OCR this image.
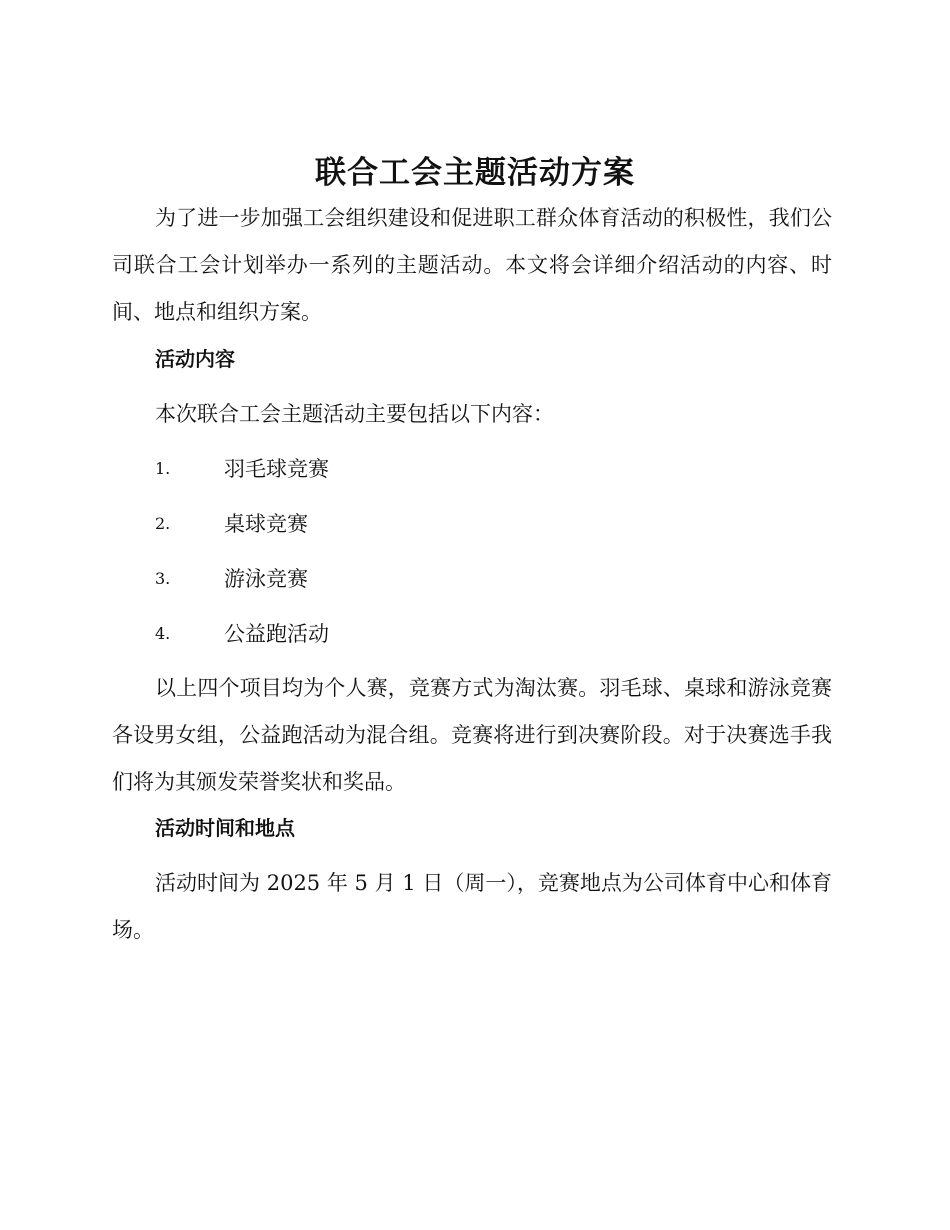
联合工会主题活动方案

为了进一步加强工会组织建设和促进职工群众体育活动的积极性，我们公司联合工会计划举办一系列的主题活动。本文将会详细介绍活动的内容、时间、地点和组织方案。

活动内容
本次联合工会主题活动主要包括以下内容：
1.	羽毛球竞赛
2.	桌球竞赛
3.	游泳竞赛
4.	公益跑活动

以上四个项目均为个人赛，竞赛方式为淘汰赛。羽毛球、桌球和游泳竞赛各设男女组，公益跑活动为混合组。竞赛将进行到决赛阶段。对于决赛选手我们将为其颁发荣誉奖状和奖品。

活动时间和地点

活动时间为 2025 年 5 月 1 日（周一），竞赛地点为公司体育中心和体育场。
